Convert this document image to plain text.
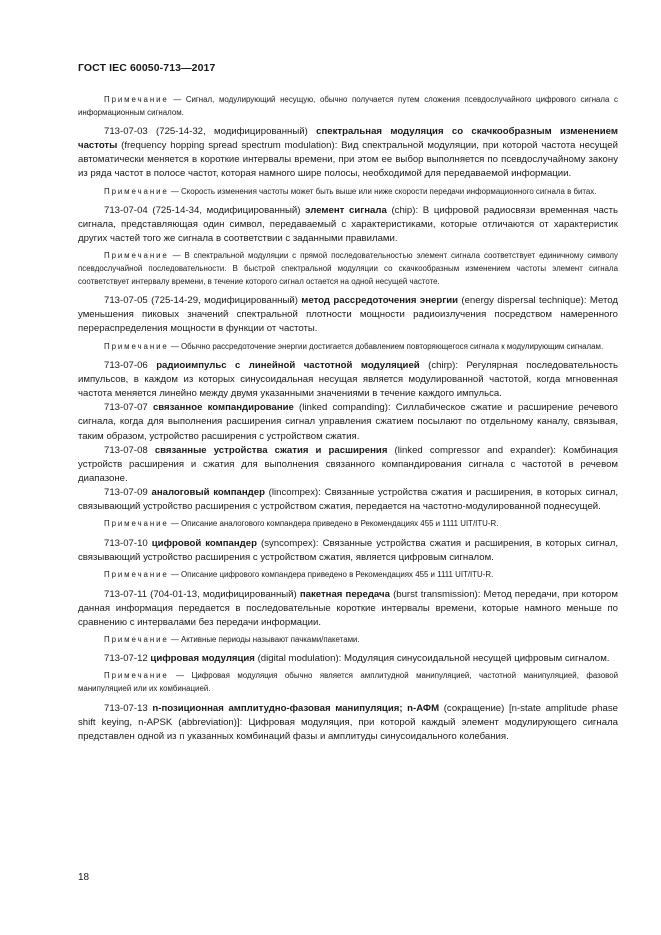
ГОСТ IEC 60050-713—2017

Примечание — Сигнал, модулирующий несущую, обычно получается путем сложения псевдослучайного цифрового сигнала с информационным сигналом.

713-07-03 (725-14-32, модифицированный) спектральная модуляция со скачкообразным изменением частоты (frequency hopping spread spectrum modulation): Вид спектральной модуляции, при которой частота несущей автоматически меняется в короткие интервалы времени, при этом ее выбор выполняется по псевдослучайному закону из ряда частот в полосе частот, которая намного шире полосы, необходимой для передаваемой информации.

Примечание — Скорость изменения частоты может быть выше или ниже скорости передачи информационного сигнала в битах.

713-07-04 (725-14-34, модифицированный) элемент сигнала (chip): В цифровой радиосвязи временная часть сигнала, представляющая один символ, передаваемый с характеристиками, которые отличаются от характеристик других частей того же сигнала в соответствии с заданными правилами.

Примечание — В спектральной модуляции с прямой последовательностью элемент сигнала соответствует единичному символу псевдослучайной последовательности. В быстрой спектральной модуляции со скачкообразным изменением частоты элемент сигнала соответствует интервалу времени, в течение которого сигнал остается на одной несущей частоте.

713-07-05 (725-14-29, модифицированный) метод рассредоточения энергии (energy dispersal technique): Метод уменьшения пиковых значений спектральной плотности мощности радиоизлучения посредством намеренного перераспределения мощности в функции от частоты.

Примечание — Обычно рассредоточение энергии достигается добавлением повторяющегося сигнала к модулирующим сигналам.

713-07-06 радиоимпульс с линейной частотной модуляцией (chirp): Регулярная последовательность импульсов, в каждом из которых синусоидальная несущая является модулированной частотой, когда мгновенная частота меняется линейно между двумя указанными значениями в течение каждого импульса.

713-07-07 связанное компандирование (linked companding): Силлабическое сжатие и расширение речевого сигнала, когда для выполнения расширения сигнал управления сжатием посылают по отдельному каналу, связывая, таким образом, устройство расширения с устройством сжатия.

713-07-08 связанные устройства сжатия и расширения (linked compressor and expander): Комбинация устройств расширения и сжатия для выполнения связанного компандирования сигнала с частотой в речевом диапазоне.

713-07-09 аналоговый компандер (lincompex): Связанные устройства сжатия и расширения, в которых сигнал, связывающий устройство расширения с устройством сжатия, передается на частотно-модулированной поднесущей.

Примечание — Описание аналогового компандера приведено в Рекомендациях 455 и 1111 UIT/ITU-R.

713-07-10 цифровой компандер (syncompex): Связанные устройства сжатия и расширения, в которых сигнал, связывающий устройство расширения с устройством сжатия, является цифровым сигналом.

Примечание — Описание цифрового компандера приведено в Рекомендациях 455 и 1111 UIT/ITU-R.

713-07-11 (704-01-13, модифицированный) пакетная передача (burst transmission): Метод передачи, при котором данная информация передается в последовательные короткие интервалы времени, которые намного меньше по сравнению с интервалами без передачи информации.

Примечание — Активные периоды называют пачками/пакетами.

713-07-12 цифровая модуляция (digital modulation): Модуляция синусоидальной несущей цифровым сигналом.

Примечание — Цифровая модуляция обычно является амплитудной манипуляцией, частотной манипуляцией, фазовой манипуляцией или их комбинацией.

713-07-13 n-позиционная амплитудно-фазовая манипуляция; n-АФМ (сокращение) [n-state amplitude phase shift keying, n-APSK (abbreviation)]: Цифровая модуляция, при которой каждый элемент модулирующего сигнала представлен одной из n указанных комбинаций фазы и амплитуды синусоидального колебания.

18
